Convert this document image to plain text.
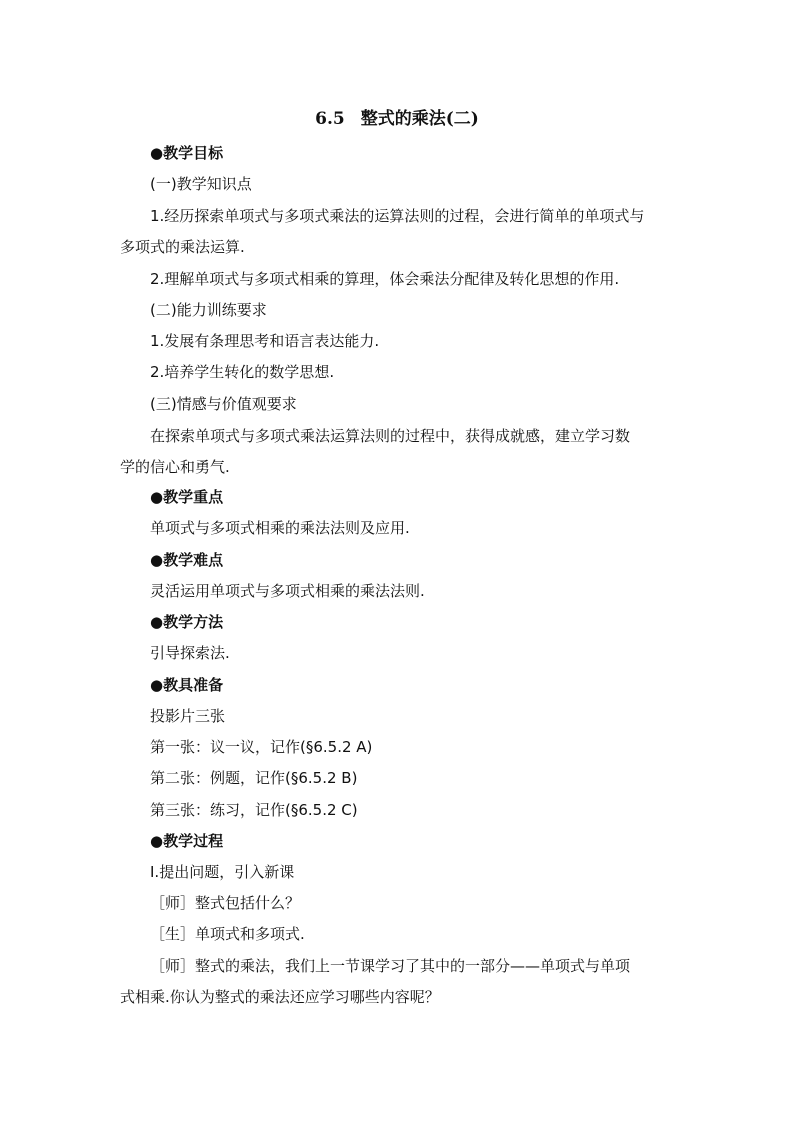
6.5 整式的乘法(二)
●教学目标
(一)教学知识点
1.经历探索单项式与多项式乘法的运算法则的过程，会进行简单的单项式与
多项式的乘法运算.
2.理解单项式与多项式相乘的算理，体会乘法分配律及转化思想的作用.
(二)能力训练要求
1.发展有条理思考和语言表达能力.
2.培养学生转化的数学思想.
(三)情感与价值观要求
在探索单项式与多项式乘法运算法则的过程中，获得成就感，建立学习数
学的信心和勇气.
●教学重点
单项式与多项式相乘的乘法法则及应用.
●教学难点
灵活运用单项式与多项式相乘的乘法法则.
●教学方法
引导探索法.
●教具准备
投影片三张
第一张：议一议，记作(§6.5.2 A)
第二张：例题，记作(§6.5.2 B)
第三张：练习，记作(§6.5.2 C)
●教学过程
Ⅰ.提出问题，引入新课
［师］整式包括什么？
［生］单项式和多项式.
［师］整式的乘法，我们上一节课学习了其中的一部分——单项式与单项
式相乘.你认为整式的乘法还应学习哪些内容呢？
